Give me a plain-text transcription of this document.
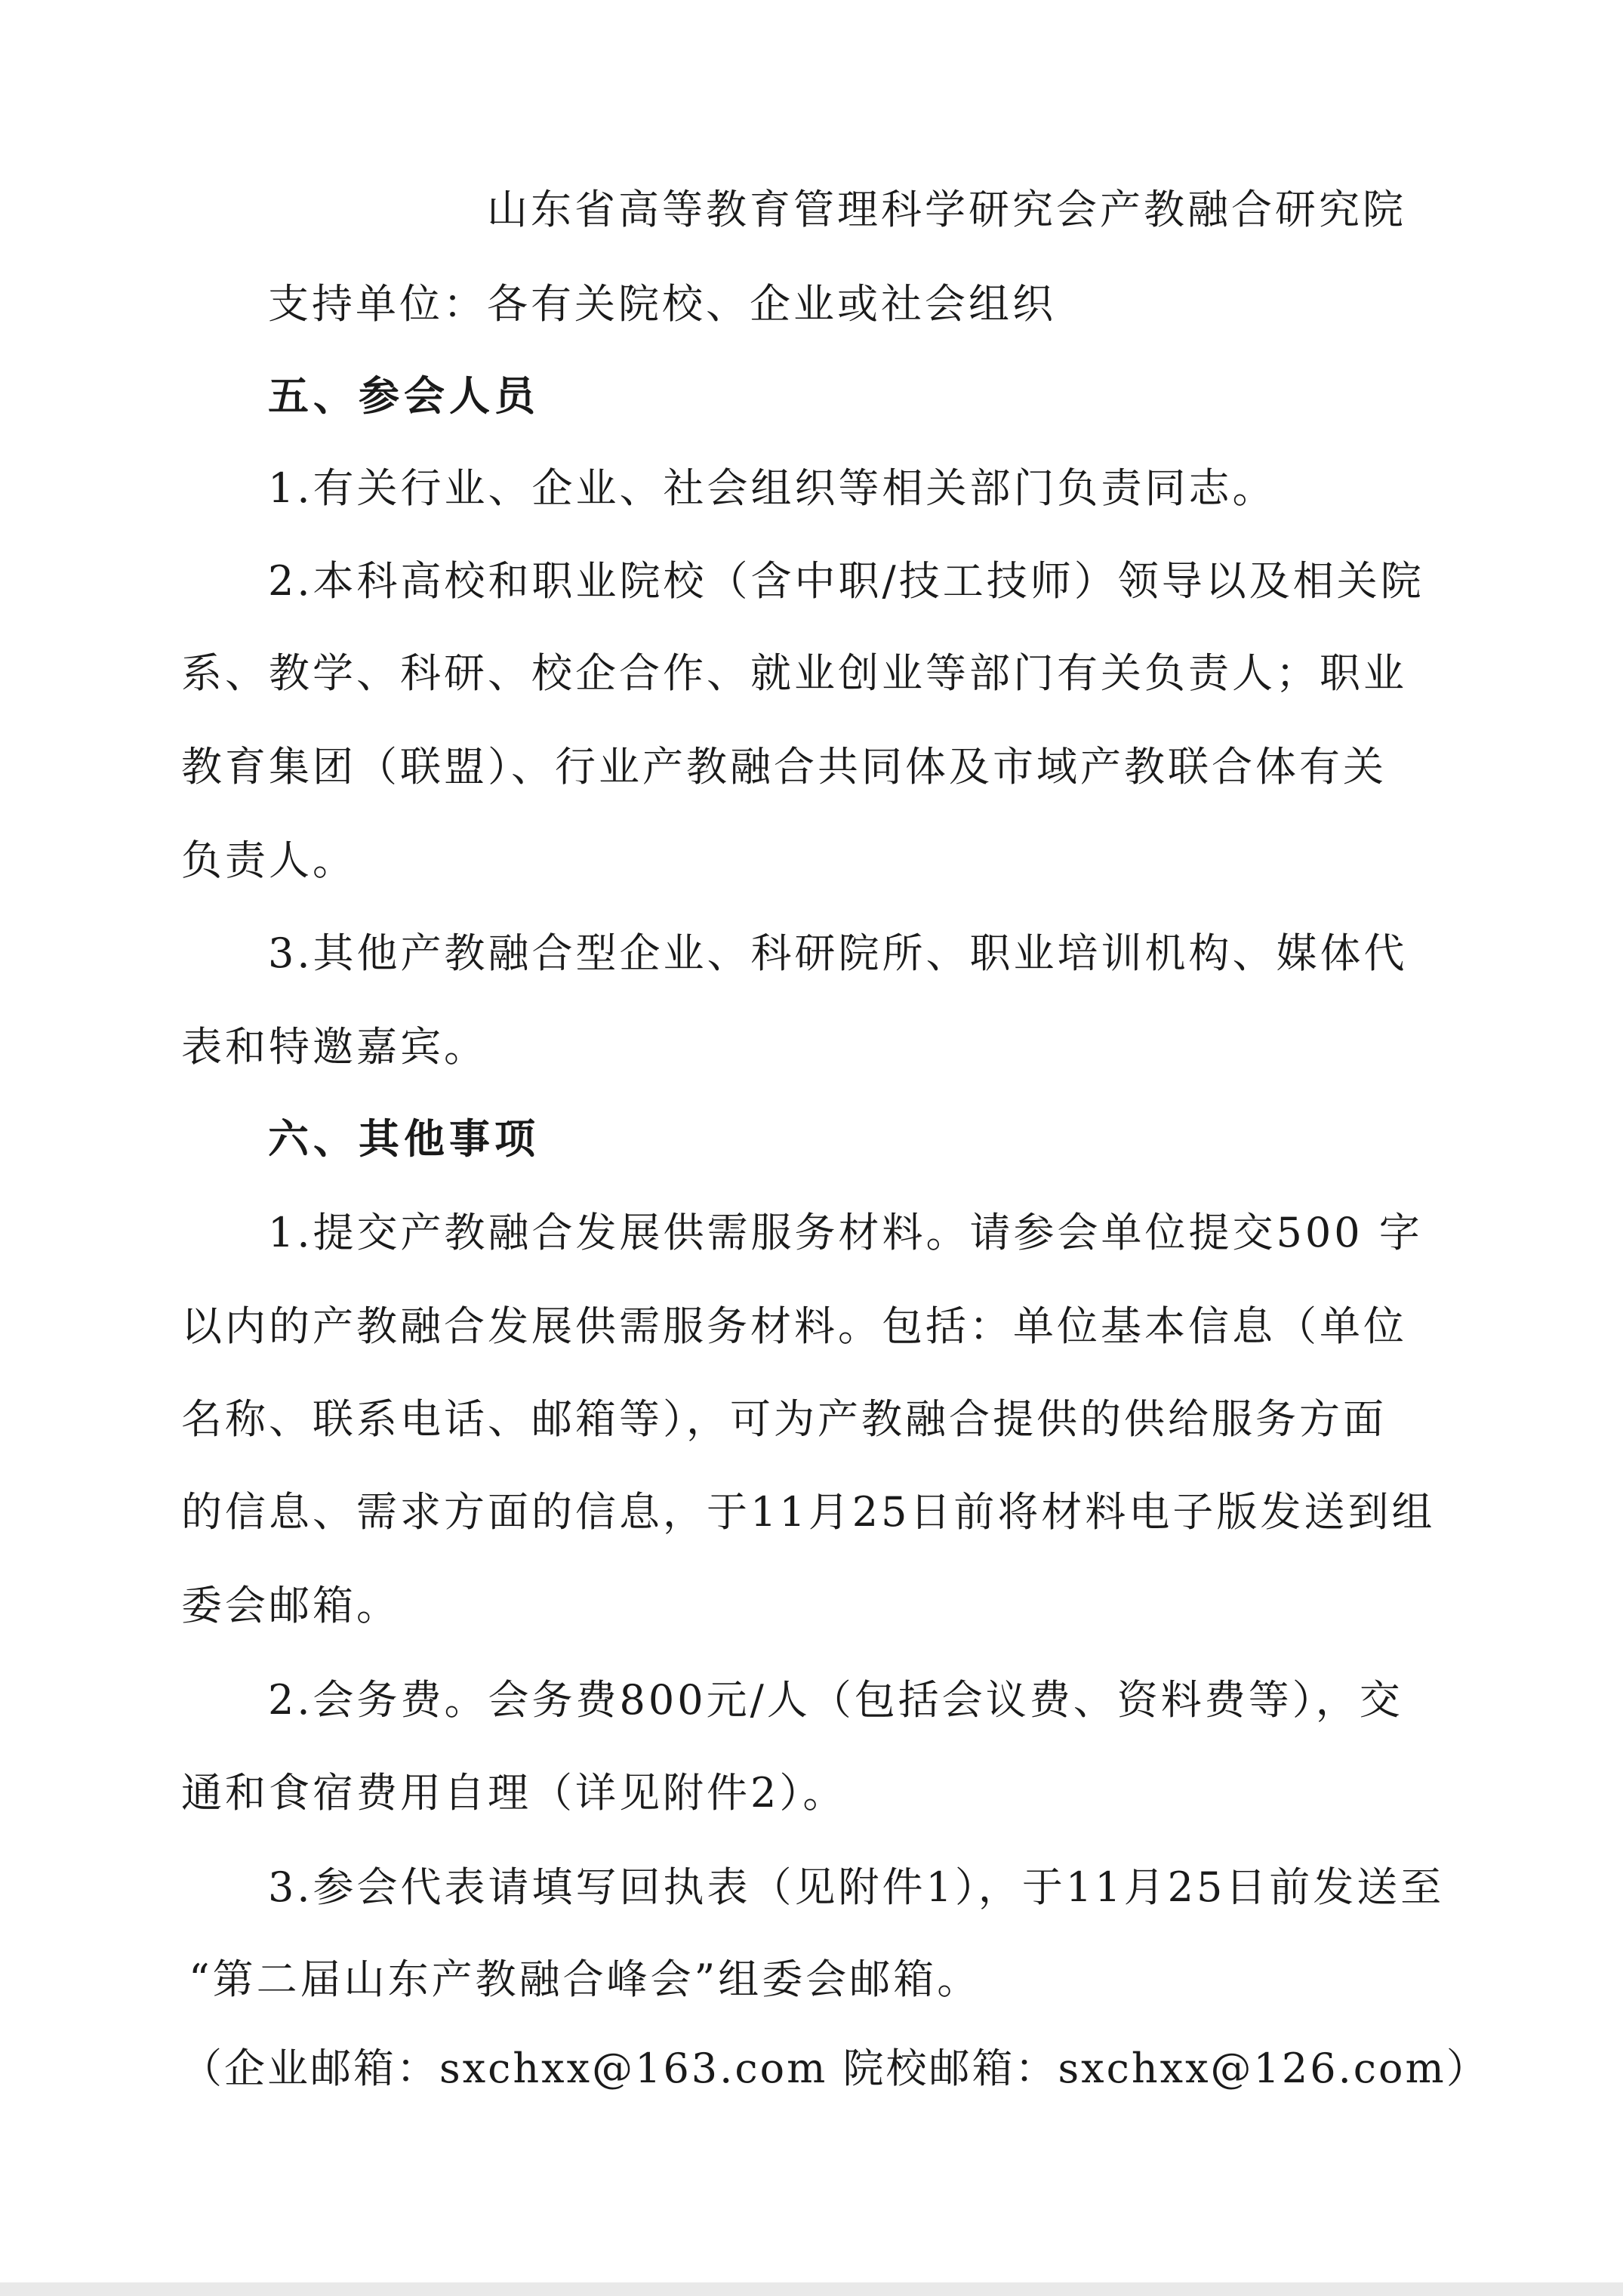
山东省高等教育管理科学研究会产教融合研究院
支持单位：各有关院校、企业或社会组织
五、参会人员
1.有关行业、企业、社会组织等相关部门负责同志。
2.本科高校和职业院校（含中职/技工技师）领导以及相关院
系、教学、科研、校企合作、就业创业等部门有关负责人；职业
教育集团（联盟）、行业产教融合共同体及市域产教联合体有关
负责人。
3.其他产教融合型企业、科研院所、职业培训机构、媒体代
表和特邀嘉宾。
六、其他事项
1.提交产教融合发展供需服务材料。请参会单位提交500 字
以内的产教融合发展供需服务材料。包括：单位基本信息（单位
名称、联系电话、邮箱等），可为产教融合提供的供给服务方面
的信息、需求方面的信息，于11月25日前将材料电子版发送到组
委会邮箱。
2.会务费。会务费800元/人（包括会议费、资料费等），交
通和食宿费用自理（详见附件2）。
3.参会代表请填写回执表（见附件1），于11月25日前发送至
“第二届山东产教融合峰会”组委会邮箱。
（企业邮箱：sxchxx@163.com 院校邮箱：sxchxx@126.com）
